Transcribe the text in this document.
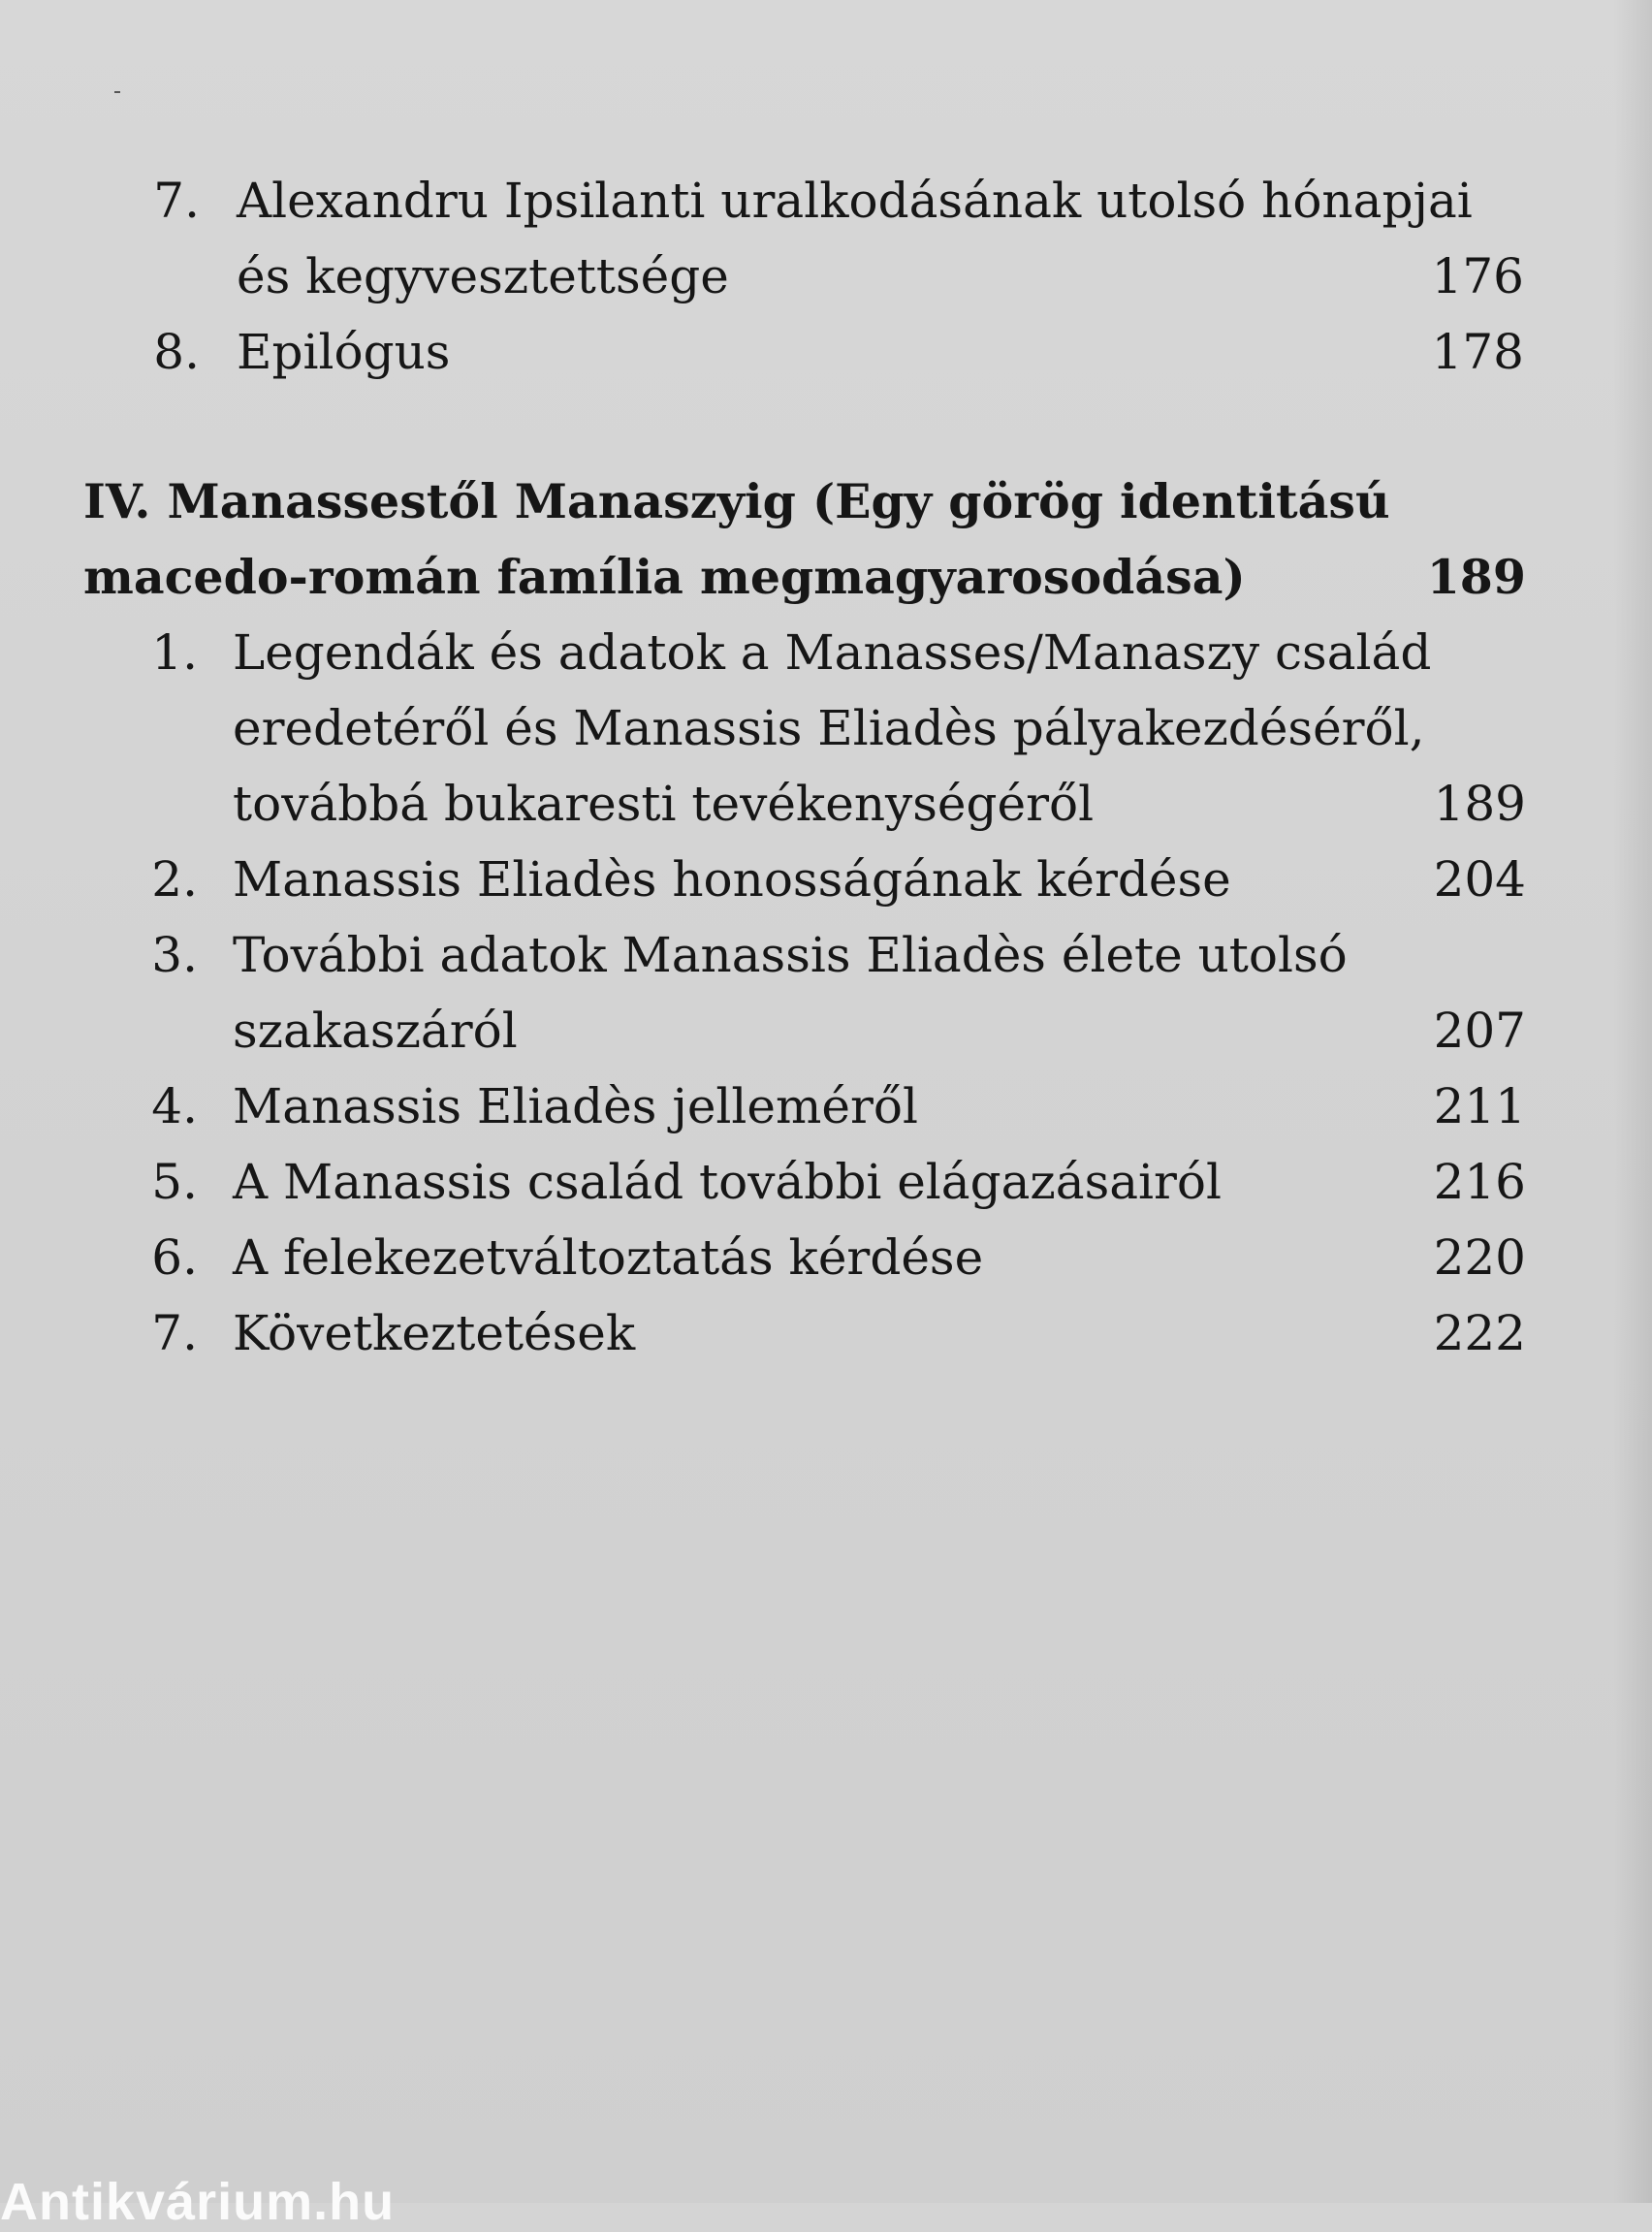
7. Alexandru Ipsilanti uralkodásának utolsó hónapjai
és kegyvesztettsége	176
8. Epilógus	178
IV. Manassestől Manaszyig (Egy görög identitású
macedo-román família megmagyarosodása)	189
1. Legendák és adatok a Manasses/Manaszy család
eredetéről és Manassis Eliadès pályakezdéséről,
továbbá bukaresti tevékenységéről	189
2. Manassis Eliadès honosságának kérdése	204
3. További adatok Manassis Eliadès élete utolsó
szakaszáról	207
4. Manassis Eliadès jelleméről	211
5. A Manassis család további elágazásairól	216
6. A felekezetváltoztatás kérdése	220
7. Következtetések	222
Antikvárium.hu
